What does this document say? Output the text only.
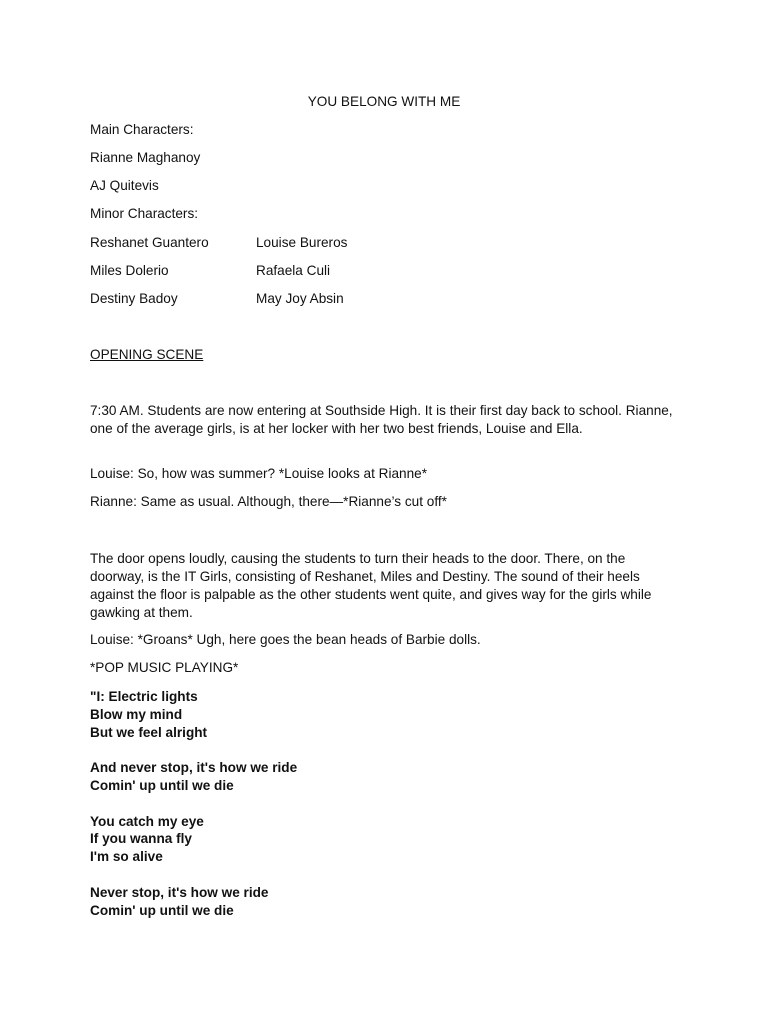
YOU BELONG WITH ME
Main Characters:
Rianne Maghanoy
AJ Quitevis
Minor Characters:
Reshanet Guantero	Louise Bureros
Miles Dolerio	Rafaela Culi
Destiny Badoy	May Joy Absin
OPENING SCENE
7:30 AM. Students are now entering at Southside High. It is their first day back to school. Rianne, one of the average girls, is at her locker with her two best friends, Louise and Ella.
Louise: So, how was summer? *Louise looks at Rianne*
Rianne: Same as usual. Although, there—*Rianne’s cut off*
The door opens loudly, causing the students to turn their heads to the door. There, on the doorway, is the IT Girls, consisting of Reshanet, Miles and Destiny. The sound of their heels against the floor is palpable as the other students went quite, and gives way for the girls while gawking at them.
Louise: *Groans* Ugh, here goes the bean heads of Barbie dolls.
*POP MUSIC PLAYING*
"I: Electric lights
Blow my mind
But we feel alright
And never stop, it's how we ride
Comin' up until we die
You catch my eye
If you wanna fly
I'm so alive
Never stop, it's how we ride
Comin' up until we die
